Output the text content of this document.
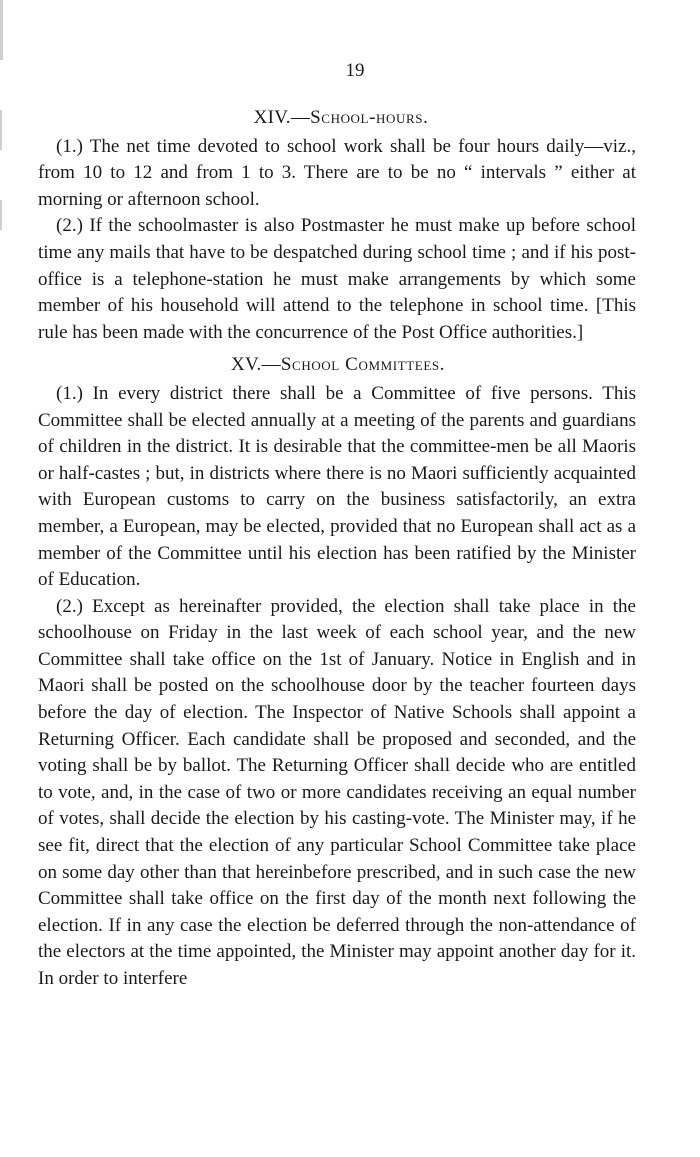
19
XIV.—School-hours.

(1.) The net time devoted to school work shall be four hours daily—viz., from 10 to 12 and from 1 to 3. There are to be no “ intervals ” either at morning or afternoon school.

(2.) If the schoolmaster is also Postmaster he must make up before school time any mails that have to be despatched during school time ; and if his post-office is a telephone-station he must make arrangements by which some member of his household will attend to the telephone in school time. [This rule has been made with the concurrence of the Post Office authorities.]

XV.—School Committees.

(1.) In every district there shall be a Committee of five persons. This Committee shall be elected annually at a meeting of the parents and guardians of children in the district. It is desirable that the committee-men be all Maoris or half-castes ; but, in districts where there is no Maori sufficiently acquainted with European customs to carry on the business satisfactorily, an extra member, a European, may be elected, provided that no European shall act as a member of the Committee until his election has been ratified by the Minister of Education.

(2.) Except as hereinafter provided, the election shall take place in the schoolhouse on Friday in the last week of each school year, and the new Committee shall take office on the 1st of January. Notice in English and in Maori shall be posted on the schoolhouse door by the teacher fourteen days before the day of election. The Inspector of Native Schools shall appoint a Returning Officer. Each candidate shall be proposed and seconded, and the voting shall be by ballot. The Returning Officer shall decide who are entitled to vote, and, in the case of two or more candidates receiving an equal number of votes, shall decide the election by his casting-vote. The Minister may, if he see fit, direct that the election of any particular School Committee take place on some day other than that hereinbefore prescribed, and in such case the new Committee shall take office on the first day of the month next following the election. If in any case the election be deferred through the non-attendance of the electors at the time appointed, the Minister may appoint another day for it. In order to interfere
